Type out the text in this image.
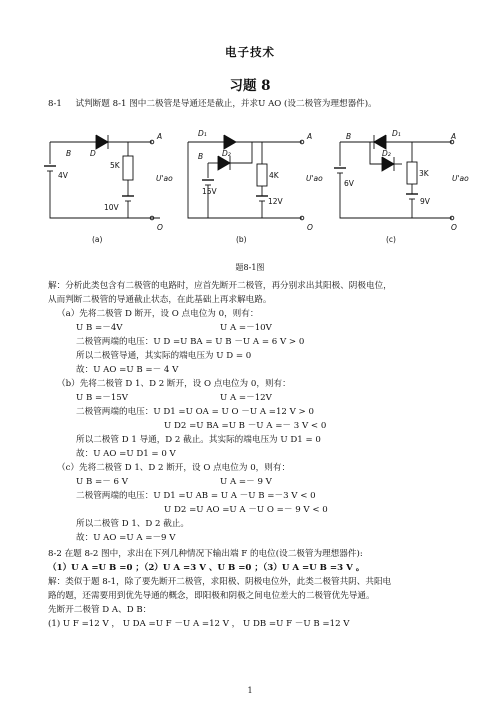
电子技术
习题 8
8-1 试判断题 8-1 图中二极管是导通还是截止，并求U AO (设二极管为理想器件)。
B	D
A
O
U'ao
D₁
D₂
B
A
O
U'ao
B	D₁
D₂
A
O
U'ao
5K
4V
10V
4K
15V
12V
3K
6V
9V
(a)	(b)	(c)
题8-1图
解：分析此类包含有二极管的电路时，应首先断开二极管，再分别求出其阳极、阴极电位，
从而判断二极管的导通截止状态，在此基础上再求解电路。
（a）先将二极管 D 断开，设 O 点电位为 0，则有：
U B =－4V	U A =－10V
二极管两端的电压：U D =U BA = U B －U A = 6 V > 0
所以二极管导通，其实际的端电压为 U D = 0
故：U AO =U B =－ 4 V
（b）先将二极管 D 1、D 2 断开，设 O 点电位为 0，则有：
U B =－15V	U A =－12V
二极管两端的电压：U D1 =U OA = U O －U A =12 V > 0
U D2 =U BA =U B －U A =－ 3 V < 0
所以二极管 D 1 导通，D 2 截止。其实际的端电压为 U D1 = 0
故：U AO =U D1 = 0 V
（c）先将二极管 D 1、D 2 断开，设 O 点电位为 0，则有：
U B =－ 6 V	U A =－ 9 V
二极管两端的电压：U D1 =U AB = U A －U B =－3 V < 0
U D2 =U AO =U A －U O =－ 9 V < 0
所以二极管 D 1、D 2 截止。
故：U AO =U A =－9 V
8-2 在题 8-2 图中，求出在下列几种情况下输出端 F 的电位(设二极管为理想器件):
（1）U A =U B =0 ；（2）U A =3 V 、U B =0 ；（3）U A =U B =3 V 。
解：类似于题 8-1，除了要先断开二极管，求阳极、阴极电位外，此类二极管共阴、共阳电
路的题，还需要用到优先导通的概念，即阳极和阴极之间电位差大的二极管优先导通。
先断开二极管 D A、D B：
(1) U F =12 V ， U DA =U F －U A =12 V ， U DB =U F －U B =12 V
1
